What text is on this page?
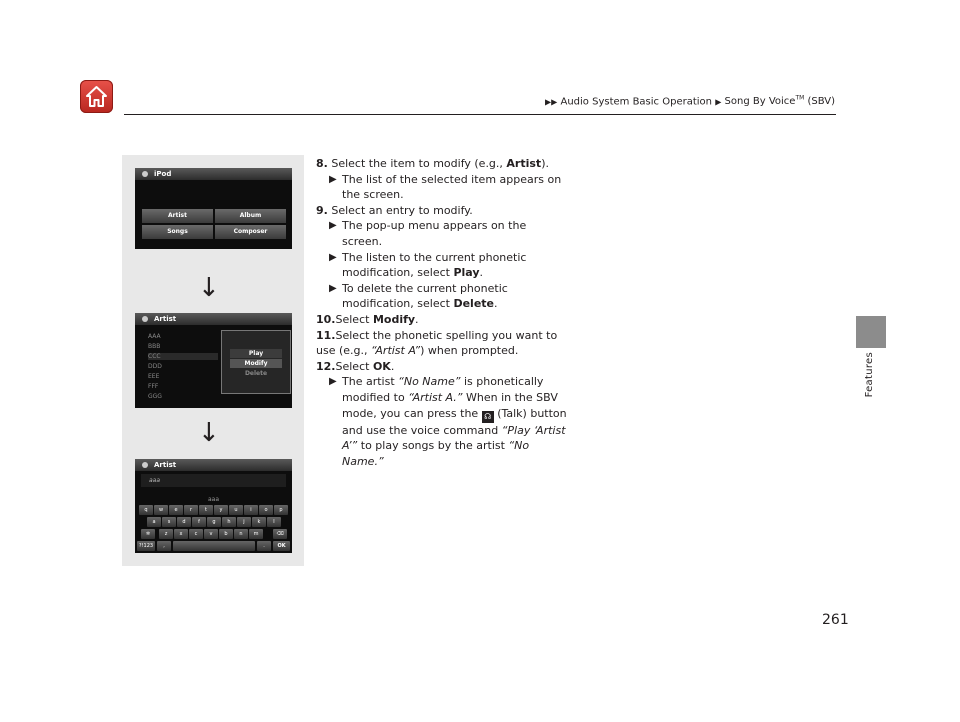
▶▶ Audio System Basic Operation ▶ Song By Voice™ (SBV)
Features
iPod
Artist	Album
Songs	Composer
↓
Artist
AAA
BBB
CCC
DDD
EEE
FFF
GGG
Play
Modify
Delete
↓
Artist
aaa
aaa
q	w	e	r	t	y	u	i	o	p
a	s	d	f	g	h	j	k	l
z	x	c	v	b	n	m
?!123	,	.	OK
✲	⌫
8. Select the item to modify (e.g., Artist).
▶ The list of the selected item appears on the screen.
9. Select an entry to modify.
▶ The pop-up menu appears on the screen.
▶ The listen to the current phonetic modification, select Play.
▶ To delete the current phonetic modification, select Delete.
10.Select Modify.
11.Select the phonetic spelling you want to use (e.g., “Artist A”) when prompted.
12.Select OK.
▶ The artist “No Name” is phonetically modified to “Artist A.” When in the SBV mode, you can press the ☊ (Talk) button and use the voice command “Play ‘Artist A’” to play songs by the artist “No Name.”
261
